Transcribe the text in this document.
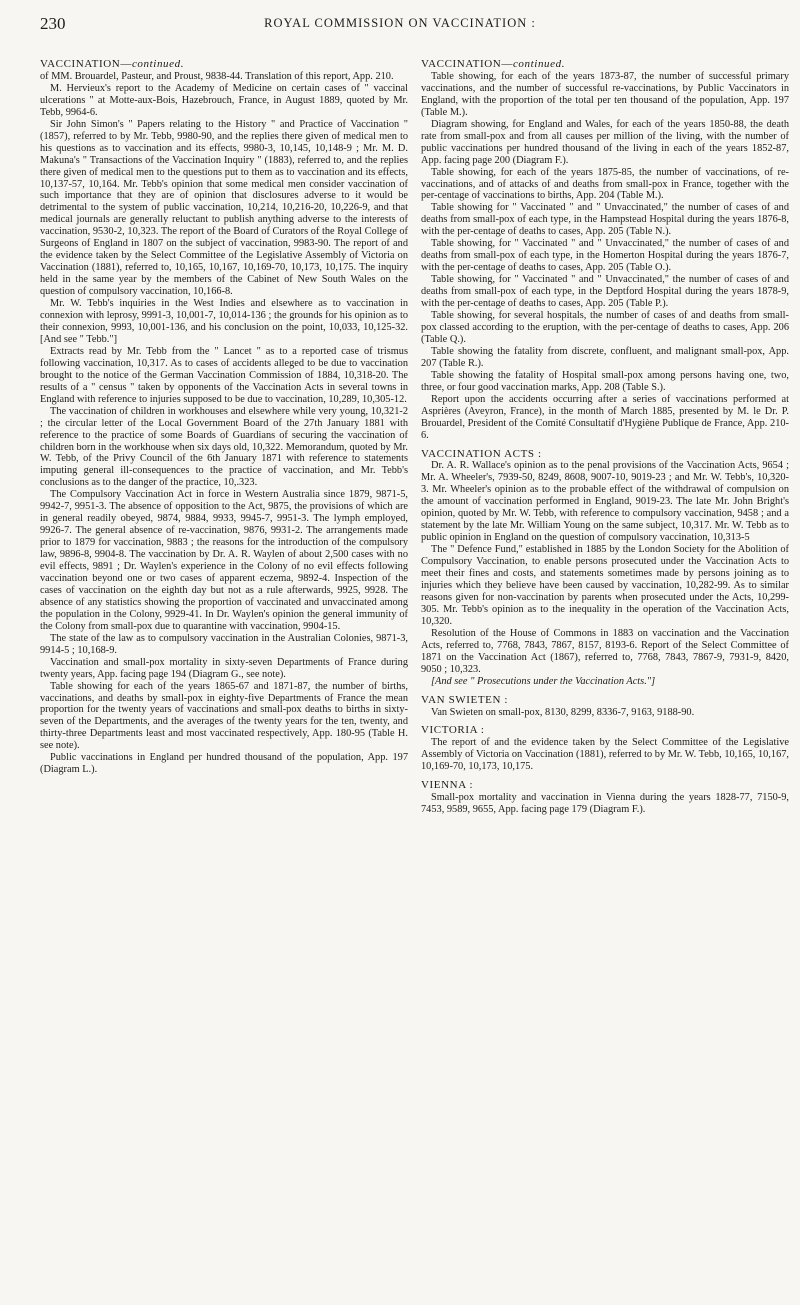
230	ROYAL COMMISSION ON VACCINATION :
VACCINATION—continued.

of MM. Brouardel, Pasteur, and Proust, 9838-44. Translation of this report, App. 210.

M. Hervieux's report to the Academy of Medicine on certain cases of " vaccinal ulcerations " at Motte-aux-Bois, Hazebrouch, France, in August 1889, quoted by Mr. Tebb, 9964-6.

Sir John Simon's " Papers relating to the History " and Practice of Vaccination " (1857), referred to by Mr. Tebb, 9980-90, and the replies there given of medical men to his questions as to vaccination and its effects, 9980-3, 10,145, 10,148-9 ; Mr. M. D. Makuna's " Transactions of the Vaccination Inquiry " (1883), referred to, and the replies there given of medical men to the questions put to them as to vaccination and its effects, 10,137-57, 10,164. Mr. Tebb's opinion that some medical men consider vaccination of such importance that they are of opinion that disclosures adverse to it would be detrimental to the system of public vaccination, 10,214, 10,216-20, 10,226-9, and that medical journals are generally reluctant to publish anything adverse to the interests of vaccination, 9530-2, 10,323. The report of the Board of Curators of the Royal College of Surgeons of England in 1807 on the subject of vaccination, 9983-90. The report of and the evidence taken by the Select Committee of the Legislative Assembly of Victoria on Vaccination (1881), referred to, 10,165, 10,167, 10,169-70, 10,173, 10,175. The inquiry held in the same year by the members of the Cabinet of New South Wales on the question of compulsory vaccination, 10,166-8.

Mr. W. Tebb's inquiries in the West Indies and elsewhere as to vaccination in connexion with leprosy, 9991-3, 10,001-7, 10,014-136 ; the grounds for his opinion as to their connexion, 9993, 10,001-136, and his conclusion on the point, 10,033, 10,125-32. [And see " Tebb."]

Extracts read by Mr. Tebb from the " Lancet " as to a reported case of trismus following vaccination, 10,317. As to cases of accidents alleged to be due to vaccination brought to the notice of the German Vaccination Commission of 1884, 10,318-20. The results of a " census " taken by opponents of the Vaccination Acts in several towns in England with reference to injuries supposed to be due to vaccination, 10,289, 10,305-12.

The vaccination of children in workhouses and elsewhere while very young, 10,321-2 ; the circular letter of the Local Government Board of the 27th January 1881 with reference to the practice of some Boards of Guardians of securing the vaccination of children born in the workhouse when six days old, 10,322. Memorandum, quoted by Mr. W. Tebb, of the Privy Council of the 6th January 1871 with reference to statements imputing general ill-consequences to the practice of vaccination, and Mr. Tebb's conclusions as to the danger of the practice, 10,.323.

The Compulsory Vaccination Act in force in Western Australia since 1879, 9871-5, 9942-7, 9951-3. The absence of opposition to the Act, 9875, the provisions of which are in general readily obeyed, 9874, 9884, 9933, 9945-7, 9951-3. The lymph employed, 9926-7. The general absence of re-vaccination, 9876, 9931-2. The arrangements made prior to 1879 for vaccination, 9883 ; the reasons for the introduction of the compulsory law, 9896-8, 9904-8. The vaccination by Dr. A. R. Waylen of about 2,500 cases with no evil effects, 9891 ; Dr. Waylen's experience in the Colony of no evil effects following vaccination beyond one or two cases of apparent eczema, 9892-4. Inspection of the cases of vaccination on the eighth day but not as a rule afterwards, 9925, 9928. The absence of any statistics showing the proportion of vaccinated and unvaccinated among the population in the Colony, 9929-41. In Dr. Waylen's opinion the general immunity of the Colony from small-pox due to quarantine with vaccination, 9904-15.

The state of the law as to compulsory vaccination in the Australian Colonies, 9871-3, 9914-5 ; 10,168-9.

Vaccination and small-pox mortality in sixty-seven Departments of France during twenty years, App. facing page 194 (Diagram G., see note).

Table showing for each of the years 1865-67 and 1871-87, the number of births, vaccinations, and deaths by small-pox in eighty-five Departments of France the mean proportion for the twenty years of vaccinations and small-pox deaths to births in sixty-seven of the Departments, and the averages of the twenty years for the ten, twenty, and thirty-three Departments least and most vaccinated respectively, App. 180-95 (Table H. see note).

Public vaccinations in England per hundred thousand of the population, App. 197 (Diagram L.).

VACCINATION—continued.

Table showing, for each of the years 1873-87, the number of successful primary vaccinations, and the number of successful re-vaccinations, by Public Vaccinators in England, with the proportion of the total per ten thousand of the population, App. 197 (Table M.).

Diagram showing, for England and Wales, for each of the years 1850-88, the death rate from small-pox and from all causes per million of the living, with the number of public vaccinations per hundred thousand of the living in each of the years 1852-87, App. facing page 200 (Diagram F.).

Table showing, for each of the years 1875-85, the number of vaccinations, of re-vaccinations, and of attacks of and deaths from small-pox in France, together with the per-centage of vaccinations to births, App. 204 (Table M.).

Table showing for " Vaccinated " and " Unvaccinated," the number of cases of and deaths from small-pox of each type, in the Hampstead Hospital during the years 1876-8, with the per-centage of deaths to cases, App. 205 (Table N.).

Table showing, for " Vaccinated " and " Unvaccinated," the number of cases of and deaths from small-pox of each type, in the Homerton Hospital during the years 1876-7, with the per-centage of deaths to cases, App. 205 (Table O.).

Table showing, for " Vaccinated " and " Unvaccinated," the number of cases of and deaths from small-pox of each type, in the Deptford Hospital during the years 1878-9, with the per-centage of deaths to cases, App. 205 (Table P.).

Table showing, for several hospitals, the number of cases of and deaths from small-pox classed according to the eruption, with the per-centage of deaths to cases, App. 206 (Table Q.).

Table showing the fatality from discrete, confluent, and malignant small-pox, App. 207 (Table R.).

Table showing the fatality of Hospital small-pox among persons having one, two, three, or four good vaccination marks, App. 208 (Table S.).

Report upon the accidents occurring after a series of vaccinations performed at Asprières (Aveyron, France), in the month of March 1885, presented by M. le Dr. P. Brouardel, President of the Comité Consultatif d'Hygiène Publique de France, App. 210-6.

VACCINATION ACTS :

Dr. A. R. Wallace's opinion as to the penal provisions of the Vaccination Acts, 9654 ; Mr. A. Wheeler's, 7939-50, 8249, 8608, 9007-10, 9019-23 ; and Mr. W. Tebb's, 10,320-3. Mr. Wheeler's opinion as to the probable effect of the withdrawal of compulsion on the amount of vaccination performed in England, 9019-23. The late Mr. John Bright's opinion, quoted by Mr. W. Tebb, with reference to compulsory vaccination, 9458 ; and a statement by the late Mr. William Young on the same subject, 10,317. Mr. W. Tebb as to public opinion in England on the question of compulsory vaccination, 10,313-5

The " Defence Fund," established in 1885 by the London Society for the Abolition of Compulsory Vaccination, to enable persons prosecuted under the Vaccination Acts to meet their fines and costs, and statements sometimes made by persons joining as to injuries which they believe have been caused by vaccination, 10,282-99. As to similar reasons given for non-vaccination by parents when prosecuted under the Acts, 10,299-305. Mr. Tebb's opinion as to the inequality in the operation of the Vaccination Acts, 10,320.

Resolution of the House of Commons in 1883 on vaccination and the Vaccination Acts, referred to, 7768, 7843, 7867, 8157, 8193-6. Report of the Select Committee of 1871 on the Vaccination Act (1867), referred to, 7768, 7843, 7867-9, 7931-9, 8420, 9050 ; 10,323.

[And see " Prosecutions under the Vaccination Acts."]

VAN SWIETEN :

Van Swieten on small-pox, 8130, 8299, 8336-7, 9163, 9188-90.

VICTORIA :

The report of and the evidence taken by the Select Committee of the Legislative Assembly of Victoria on Vaccination (1881), referred to by Mr. W. Tebb, 10,165, 10,167, 10,169-70, 10,173, 10,175.

VIENNA :

Small-pox mortality and vaccination in Vienna during the years 1828-77, 7150-9, 7453, 9589, 9655, App. facing page 179 (Diagram F.).
